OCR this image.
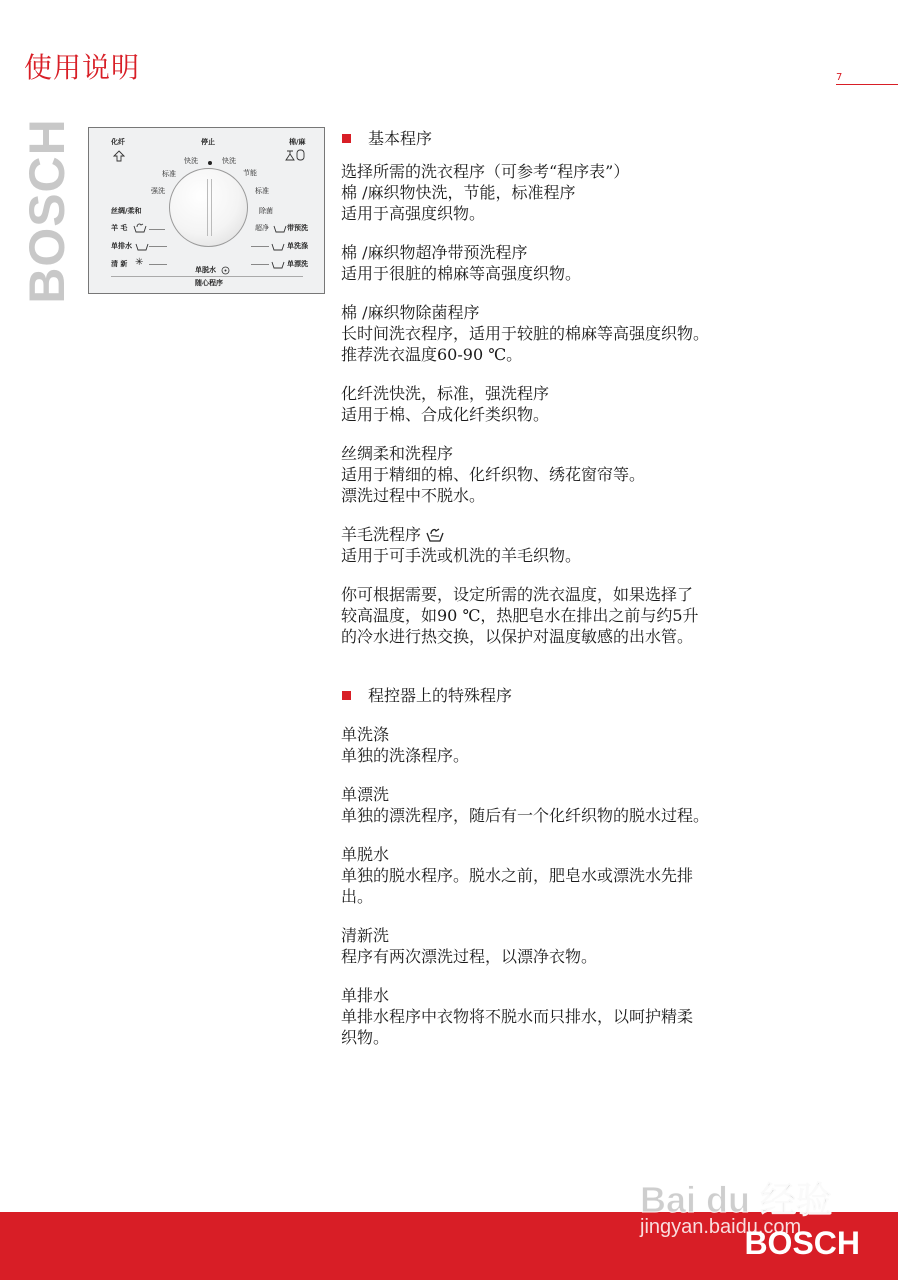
使用说明	7
BOSCH	化纤	停止	棉/麻
快洗	快洗
标准	节能
强洗	标准
丝绸/柔和	除菌
羊 毛	超净	带预洗
单排水	单洗涤
清 新 ✳	单漂洗
单脱水
随心程序
基本程序

选择所需的洗衣程序（可参考“程序表”）

棉 /麻织物快洗，节能，标准程序

适用于高强度织物。

棉 /麻织物超净带预洗程序

适用于很脏的棉麻等高强度织物。

棉 /麻织物除菌程序

长时间洗衣程序，适用于较脏的棉麻等高强度织物。

推荐洗衣温度60-90 ℃。

化纤洗快洗，标准，强洗程序

适用于棉、合成化纤类织物。

丝绸柔和洗程序

适用于精细的棉、化纤织物、绣花窗帘等。

漂洗过程中不脱水。

羊毛洗程序

适用于可手洗或机洗的羊毛织物。

你可根据需要，设定所需的洗衣温度，如果选择了

较高温度，如90 ℃，热肥皂水在排出之前与约5升

的冷水进行热交换，以保护对温度敏感的出水管。

程控器上的特殊程序

单洗涤

单独的洗涤程序。

单漂洗

单独的漂洗程序，随后有一个化纤织物的脱水过程。

单脱水

单独的脱水程序。脱水之前，肥皂水或漂洗水先排

出。

清新洗

程序有两次漂洗过程，以漂净衣物。

单排水

单排水程序中衣物将不脱水而只排水，以呵护精柔

织物。

Bai du 经验
jingyan.baidu.com
BOSCH
